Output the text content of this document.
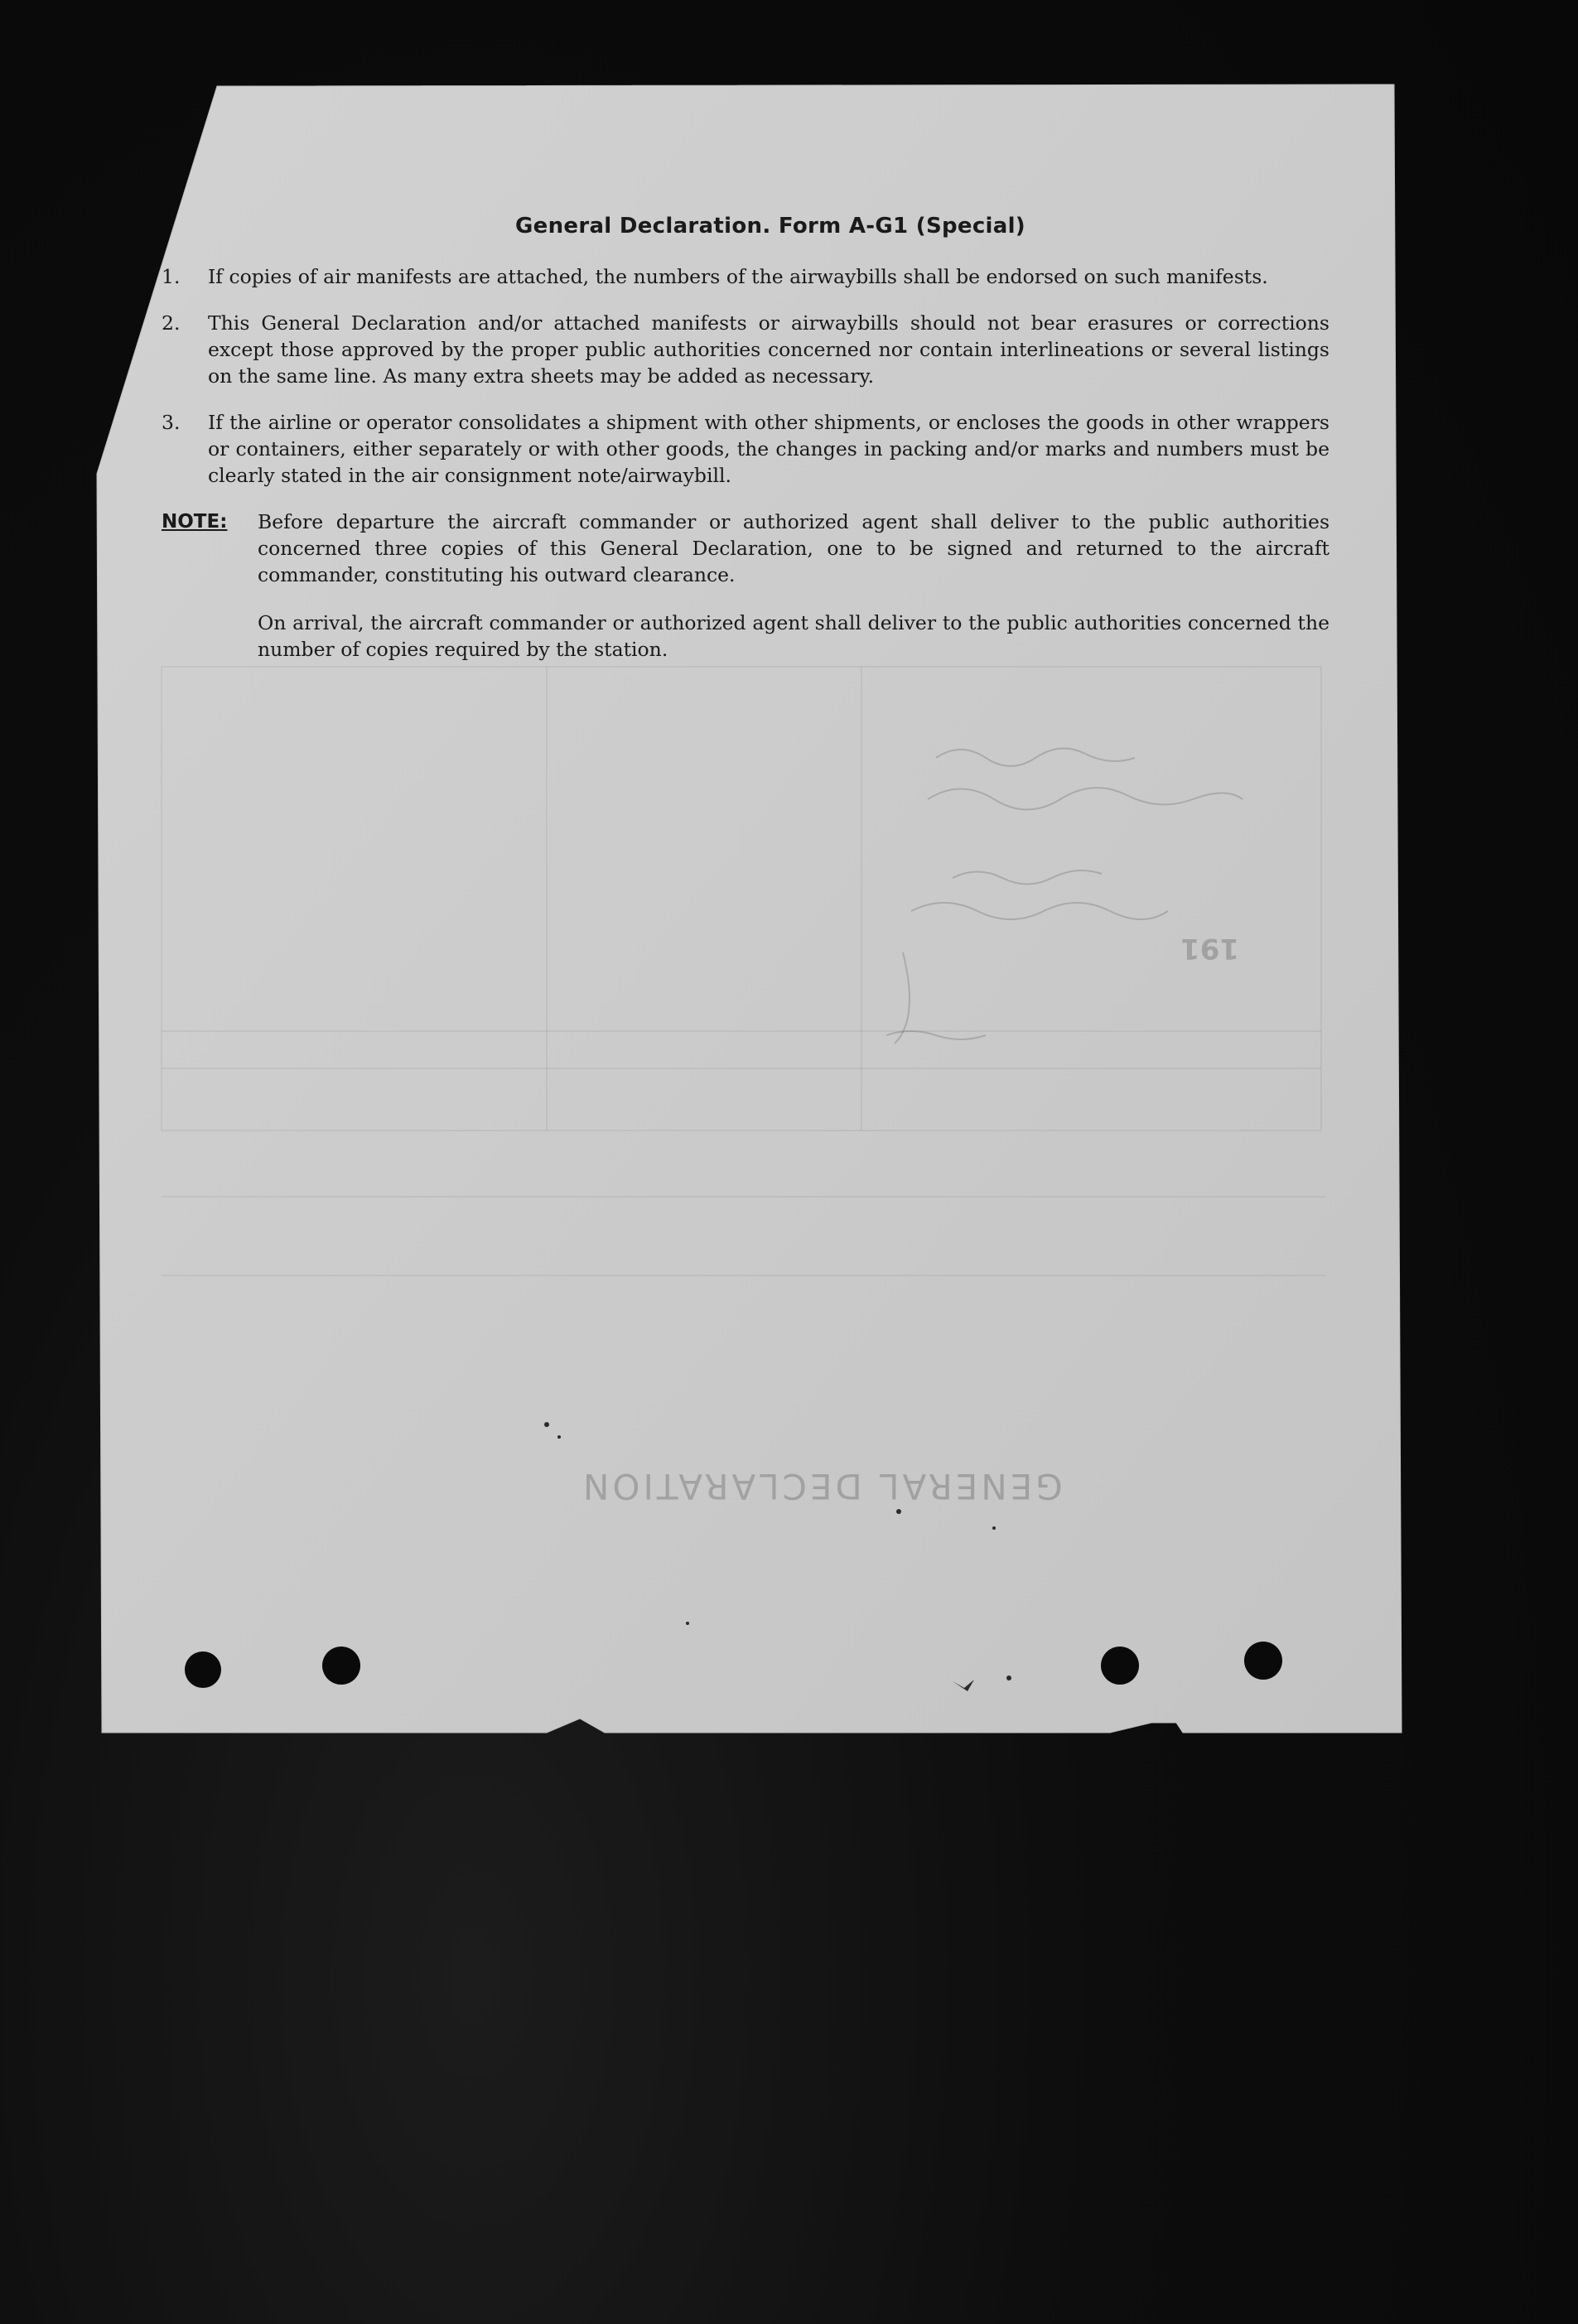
GENERAL DECLARATION
191
General Declaration. Form A-G1 (Special)
1.	If copies of air manifests are attached, the numbers of the airwaybills shall be endorsed on such manifests.
2.	This General Declaration and/or attached manifests or airwaybills should not bear erasures or corrections except those approved by the proper public authorities concerned nor contain interlineations or several listings on the same line. As many extra sheets may be added as necessary.
3.	If the airline or operator consolidates a shipment with other shipments, or encloses the goods in other wrappers or containers, either separately or with other goods, the changes in packing and/or marks and numbers must be clearly stated in the air consignment note/airwaybill.
NOTE:	Before departure the aircraft commander or authorized agent shall deliver to the public authorities concerned three copies of this General Declaration, one to be signed and returned to the aircraft commander, constituting his outward clearance.

On arrival, the aircraft commander or authorized agent shall deliver to the public authorities concerned the number of copies required by the station.
